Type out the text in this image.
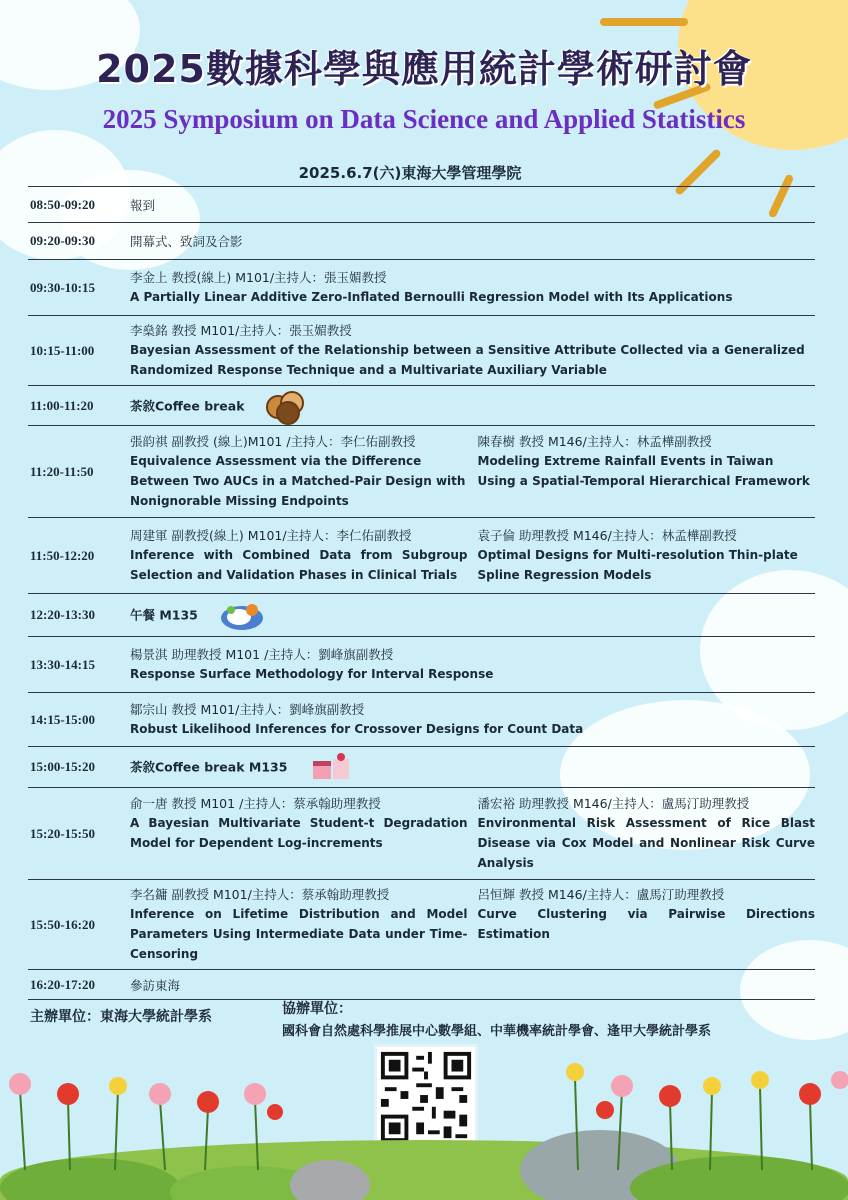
2025數據科學與應用統計學術研討會
2025 Symposium on Data Science and Applied Statistics
2025.6.7(六)東海大學管理學院
08:50-09:20	報到
09:20-09:30	開幕式、致詞及合影
09:30-10:15	李金上 教授(線上) M101/主持人：張玉媚教授
A Partially Linear Additive Zero-Inflated Bernoulli Regression Model with Its Applications

10:15-11:00	李燊銘 教授 M101/主持人：張玉媚教授
Bayesian Assessment of the Relationship between a Sensitive Attribute Collected via a Generalized Randomized Response Technique and a Multivariate Auxiliary Variable

11:00-11:20	茶敘Coffee break

11:20-11:50	張韵祺 副教授 (線上)M101 /主持人：李仁佑副教授
Equivalence Assessment via the Difference Between Two AUCs in a Matched-Pair Design with Nonignorable Missing Endpoints
陳春樹 教授 M146/主持人：林孟樺副教授
Modeling Extreme Rainfall Events in Taiwan Using a Spatial-Temporal Hierarchical Framework

11:50-12:20	周建軍 副教授(線上) M101/主持人：李仁佑副教授
Inference with Combined Data from Subgroup Selection and Validation Phases in Clinical Trials
袁子倫 助理教授 M146/主持人：林孟樺副教授
Optimal Designs for Multi-resolution Thin-plate Spline Regression Models

12:20-13:30	午餐 M135
13:30-14:15	楊景淇 助理教授 M101 /主持人：劉峰旗副教授
Response Surface Methodology for Interval Response

14:15-15:00	鄒宗山 教授 M101/主持人：劉峰旗副教授
Robust Likelihood Inferences for Crossover Designs for Count Data

15:00-15:20	茶敘Coffee break M135
15:20-15:50	俞一唐 教授 M101 /主持人：蔡承翰助理教授
A Bayesian Multivariate Student-t Degradation Model for Dependent Log-increments
潘宏裕 助理教授 M146/主持人：盧馬汀助理教授
Environmental Risk Assessment of Rice Blast Disease via Cox Model and Nonlinear Risk Curve Analysis

15:50-16:20	李名鏞 副教授 M101/主持人：蔡承翰助理教授
Inference on Lifetime Distribution and Model Parameters Using Intermediate Data under Time-Censoring
呂恒輝 教授 M146/主持人：盧馬汀助理教授
Curve Clustering via Pairwise Directions Estimation

16:20-17:20	參訪東海
主辦單位：東海大學統計學系	協辦單位：
國科會自然處科學推展中心數學組、中華機率統計學會、逢甲大學統計學系
